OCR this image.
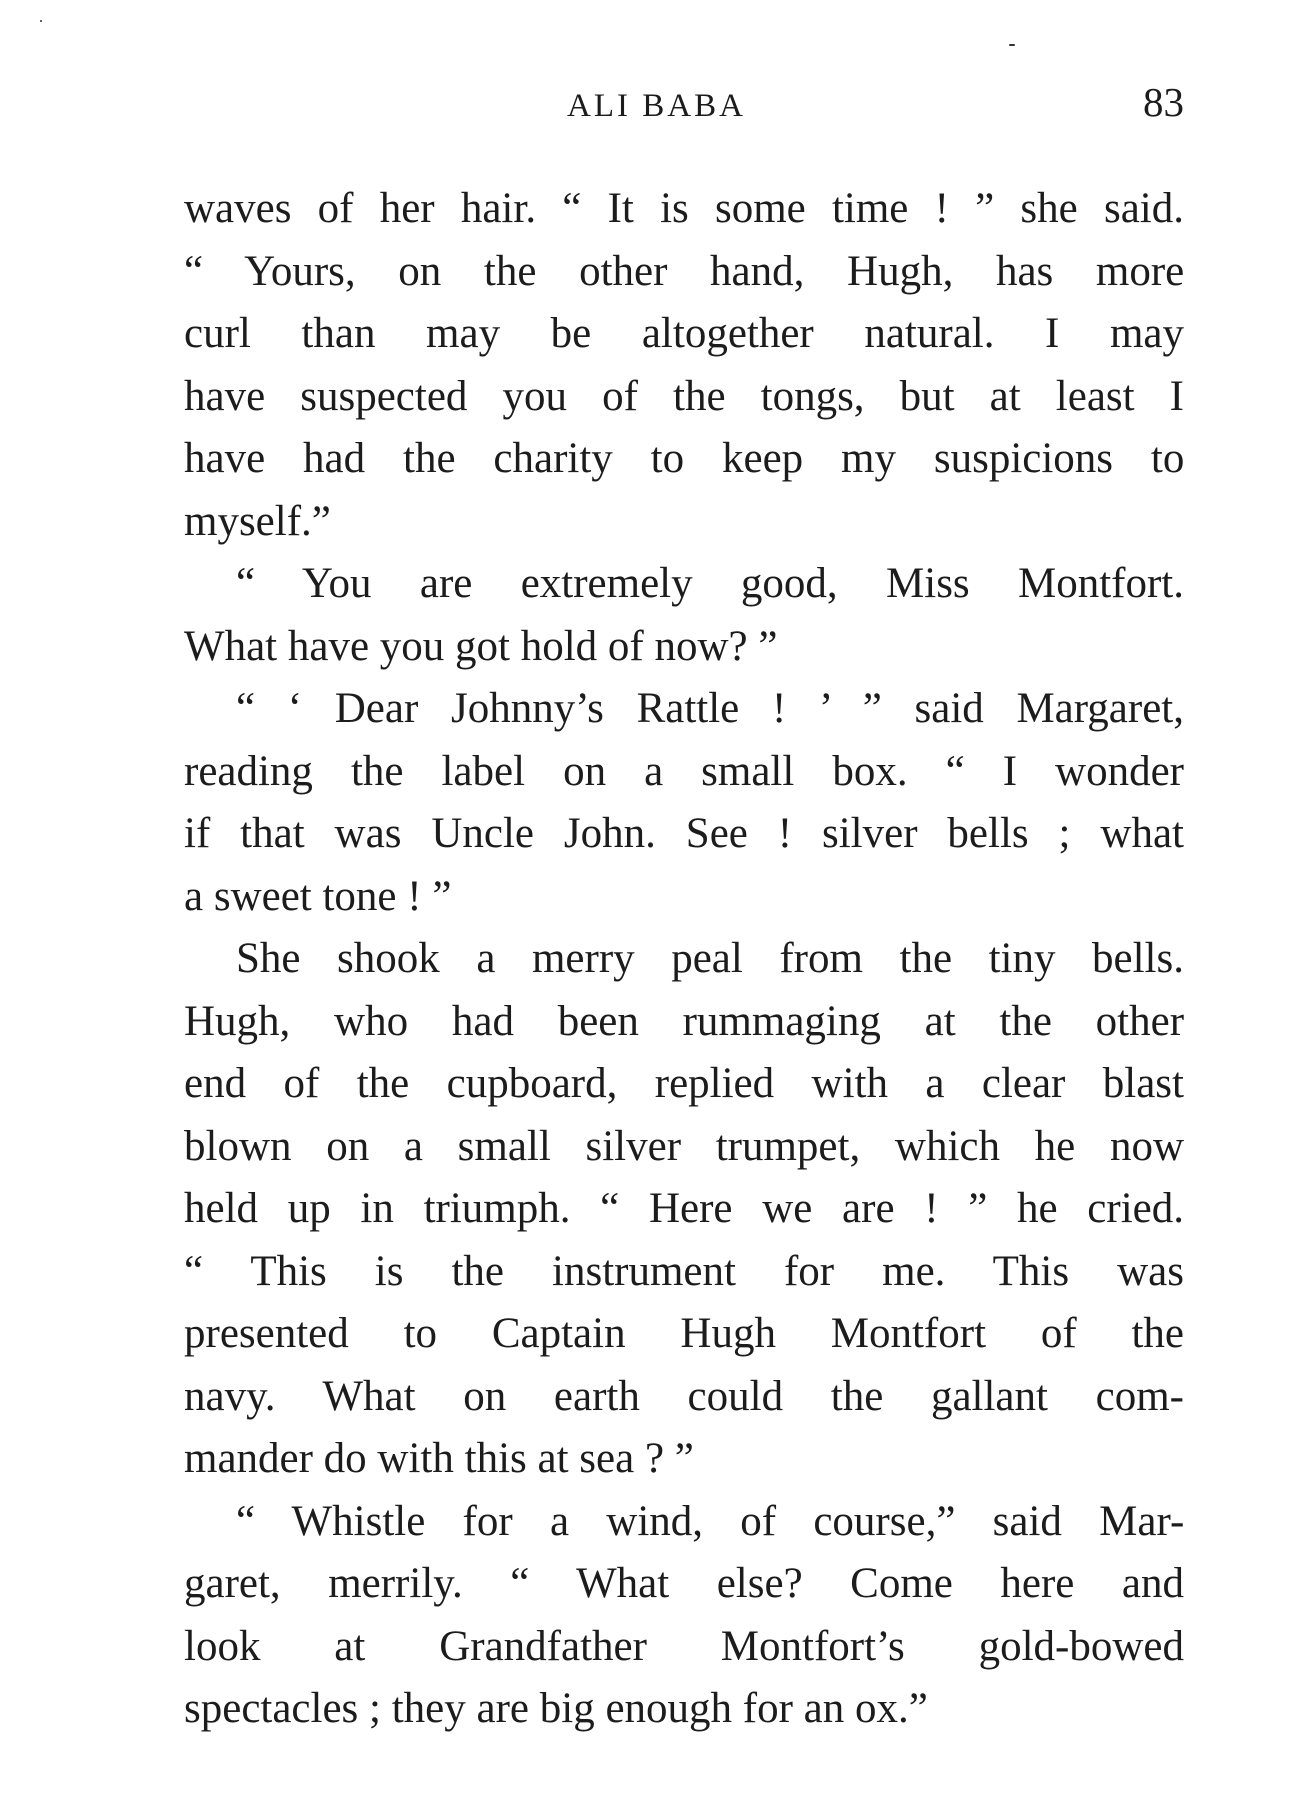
ALI BABA	83
waves of her hair. “ It is some time ! ” she said.
“ Yours, on the other hand, Hugh, has more
curl than may be altogether natural. I may
have suspected you of the tongs, but at least I
have had the charity to keep my suspicions to
myself.”
“ You are extremely good, Miss Montfort.
What have you got hold of now? ”
“ ‘ Dear Johnny’s Rattle ! ’ ” said Margaret,
reading the label on a small box. “ I wonder
if that was Uncle John. See ! silver bells ; what
a sweet tone ! ”
She shook a merry peal from the tiny bells.
Hugh, who had been rummaging at the other
end of the cupboard, replied with a clear blast
blown on a small silver trumpet, which he now
held up in triumph. “ Here we are ! ” he cried.
“ This is the instrument for me. This was
presented to Captain Hugh Montfort of the
navy. What on earth could the gallant com-
mander do with this at sea ? ”
“ Whistle for a wind, of course,” said Mar-
garet, merrily. “ What else? Come here and
look at Grandfather Montfort’s gold-bowed
spectacles ; they are big enough for an ox.”
